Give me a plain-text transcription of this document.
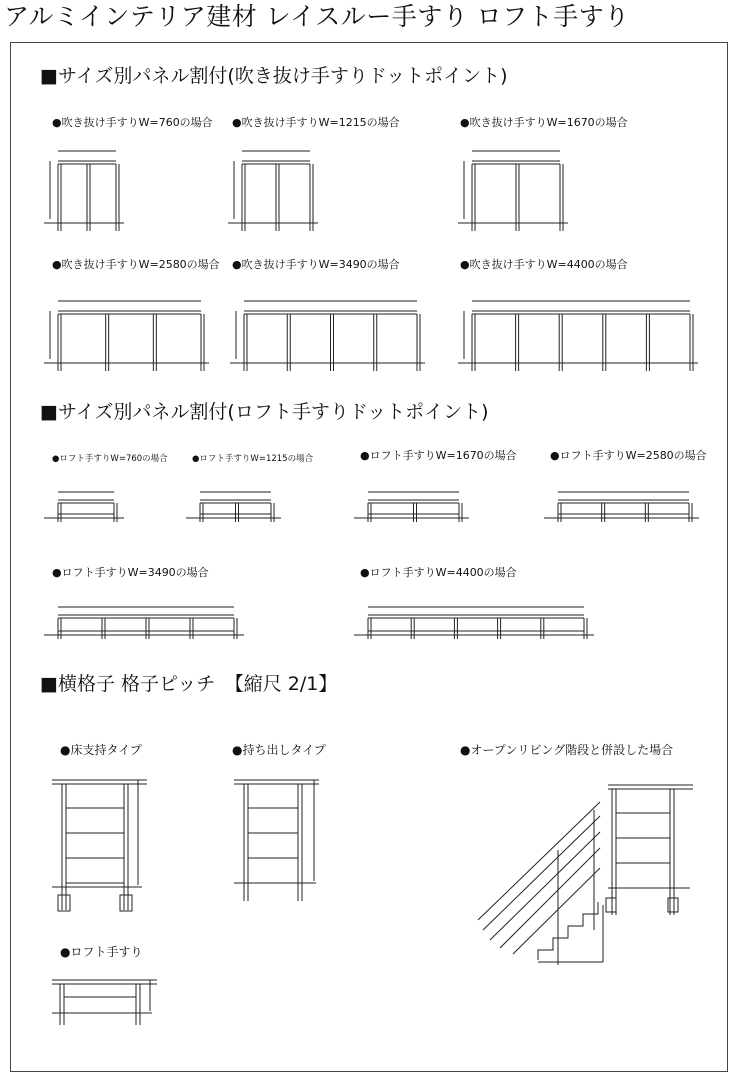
アルミインテリア建材 レイスルー手すり ロフト手すり
■サイズ別パネル割付(吹き抜け手すりドットポイント)
●吹き抜け手すりW=760の場合 ●吹き抜け手すりW=1215の場合	●吹き抜け手すりW=1670の場合
●吹き抜け手すりW=2580の場合 ●吹き抜け手すりW=3490の場合	●吹き抜け手すりW=4400の場合
■サイズ別パネル割付(ロフト手すりドットポイント)
●ロフト手すりW=760の場合	●ロフト手すりW=1215の場合	●ロフト手すりW=1670の場合	●ロフト手すりW=2580の場合
●ロフト手すりW=3490の場合	●ロフト手すりW=4400の場合
■横格子 格子ピッチ　【縮尺 2/1】
●床支持タイプ	●持ち出しタイプ	●オープンリビング階段と併設した場合
●ロフト手すり
